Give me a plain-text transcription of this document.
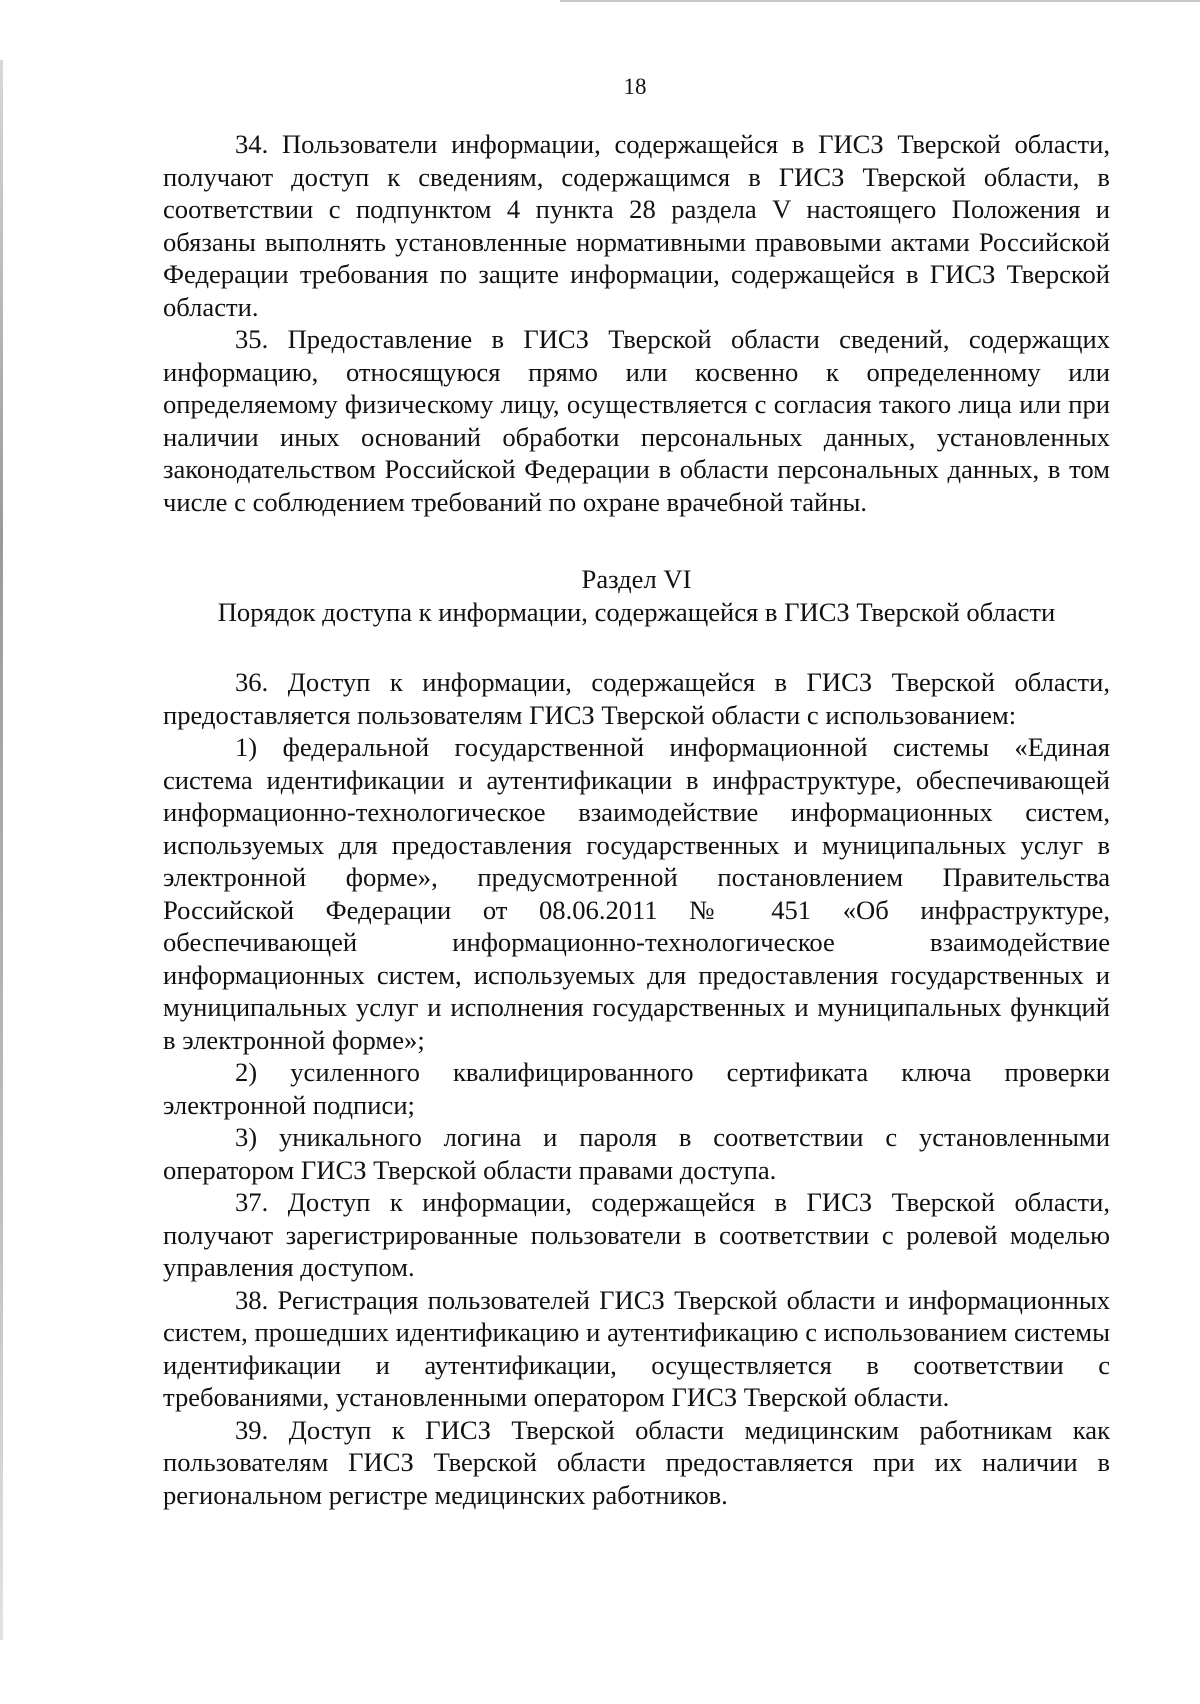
18

34. Пользователи информации, содержащейся в ГИСЗ Тверской области, получают доступ к сведениям, содержащимся в ГИСЗ Тверской области, в соответствии с подпунктом 4 пункта 28 раздела V настоящего Положения и обязаны выполнять установленные нормативными правовыми актами Российской Федерации требования по защите информации, содержащейся в ГИСЗ Тверской области.

35. Предоставление в ГИСЗ Тверской области сведений, содержащих информацию, относящуюся прямо или косвенно к определенному или определяемому физическому лицу, осуществляется с согласия такого лица или при наличии иных оснований обработки персональных данных, установленных законодательством Российской Федерации в области персональных данных, в том числе с соблюдением требований по охране врачебной тайны.

Раздел VI

Порядок доступа к информации, содержащейся в ГИСЗ Тверской области

36. Доступ к информации, содержащейся в ГИСЗ Тверской области, предоставляется пользователям ГИСЗ Тверской области с использованием:

1) федеральной государственной информационной системы «Единая система идентификации и аутентификации в инфраструктуре, обеспечивающей информационно-технологическое взаимодействие информационных систем, используемых для предоставления государственных и муниципальных услуг в электронной форме», предусмотренной постановлением Правительства Российской Федерации от 08.06.2011 № 451 «Об инфраструктуре, обеспечивающей информационно-технологическое взаимодействие информационных систем, используемых для предоставления государственных и муниципальных услуг и исполнения государственных и муниципальных функций в электронной форме»;

2) усиленного квалифицированного сертификата ключа проверки электронной подписи;

3) уникального логина и пароля в соответствии с установленными оператором ГИСЗ Тверской области правами доступа.

37. Доступ к информации, содержащейся в ГИСЗ Тверской области, получают зарегистрированные пользователи в соответствии с ролевой моделью управления доступом.

38. Регистрация пользователей ГИСЗ Тверской области и информационных систем, прошедших идентификацию и аутентификацию с использованием системы идентификации и аутентификации, осуществляется в соответствии с требованиями, установленными оператором ГИСЗ Тверской области.

39. Доступ к ГИСЗ Тверской области медицинским работникам как пользователям ГИСЗ Тверской области предоставляется при их наличии в региональном регистре медицинских работников.
